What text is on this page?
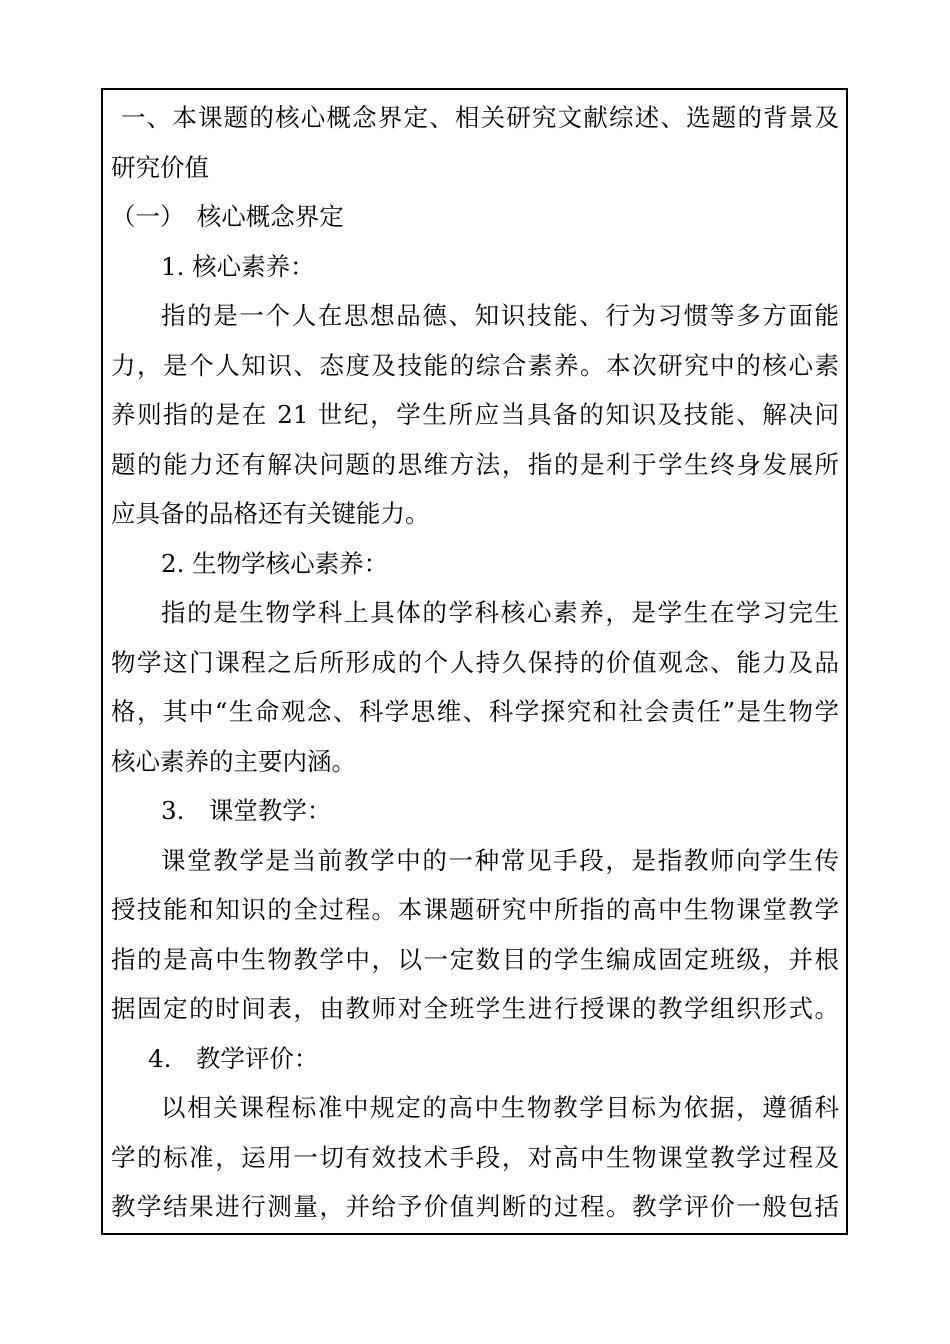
一、本课题的核心概念界定、相关研究文献综述、选题的背景及
研究价值
（一）　核心概念界定
1. 核心素养：
指的是一个人在思想品德、知识技能、行为习惯等多方面能
力，是个人知识、态度及技能的综合素养。本次研究中的核心素
养则指的是在 21 世纪，学生所应当具备的知识及技能、解决问
题的能力还有解决问题的思维方法，指的是利于学生终身发展所
应具备的品格还有关键能力。
2. 生物学核心素养：
指的是生物学科上具体的学科核心素养，是学生在学习完生
物学这门课程之后所形成的个人持久保持的价值观念、能力及品
格，其中“生命观念、科学思维、科学探究和社会责任”是生物学
核心素养的主要内涵。
3.　课堂教学：
课堂教学是当前教学中的一种常见手段，是指教师向学生传
授技能和知识的全过程。本课题研究中所指的高中生物课堂教学
指的是高中生物教学中，以一定数目的学生编成固定班级，并根
据固定的时间表，由教师对全班学生进行授课的教学组织形式。
4.　教学评价：
以相关课程标准中规定的高中生物教学目标为依据，遵循科
学的标准，运用一切有效技术手段，对高中生物课堂教学过程及
教学结果进行测量，并给予价值判断的过程。教学评价一般包括
